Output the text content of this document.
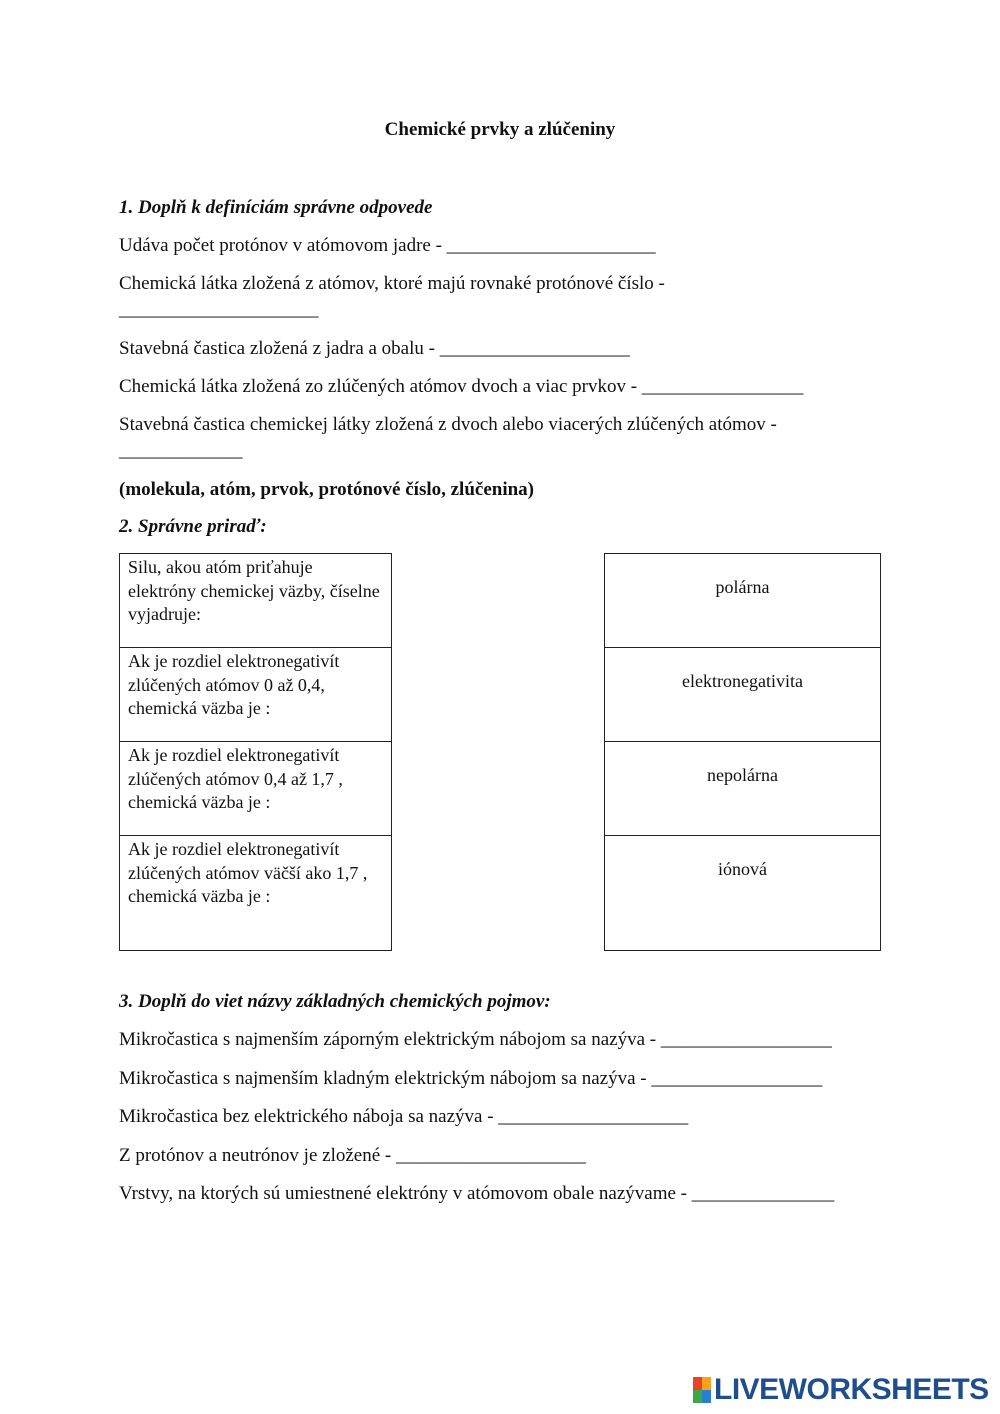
Chemické prvky a zlúčeniny
1. Doplň k definíciám správne odpovede
Udáva počet protónov v atómovom jadre - ______________________
Chemická látka zložená z atómov, ktoré majú rovnaké protónové číslo -
_____________________
Stavebná častica zložená z jadra a obalu - ____________________
Chemická látka zložená zo zlúčených atómov dvoch a viac prvkov - _________________
Stavebná častica chemickej látky zložená z dvoch alebo viacerých zlúčených atómov -
_____________
(molekula, atóm, prvok, protónové číslo, zlúčenina)
2. Správne priraď:
Silu, akou atóm priťahuje elektróny chemickej väzby, číselne vyjadruje:
Ak je rozdiel elektronegativít zlúčených atómov 0 až 0,4, chemická väzba je :
Ak je rozdiel elektronegativít zlúčených atómov 0,4 až 1,7 , chemická väzba je :
Ak je rozdiel elektronegativít zlúčených atómov väčší ako 1,7 , chemická väzba je :
polárna
elektronegativita
nepolárna
iónová
3. Doplň do viet názvy základných chemických pojmov:
Mikročastica s najmenším záporným elektrickým nábojom sa nazýva - __________________
Mikročastica s najmenším kladným elektrickým nábojom sa nazýva - __________________
Mikročastica bez elektrického náboja sa nazýva - ____________________
Z protónov a neutrónov je zložené - ____________________
Vrstvy, na ktorých sú umiestnené elektróny v atómovom obale nazývame - _______________
LIVEWORKSHEETS
